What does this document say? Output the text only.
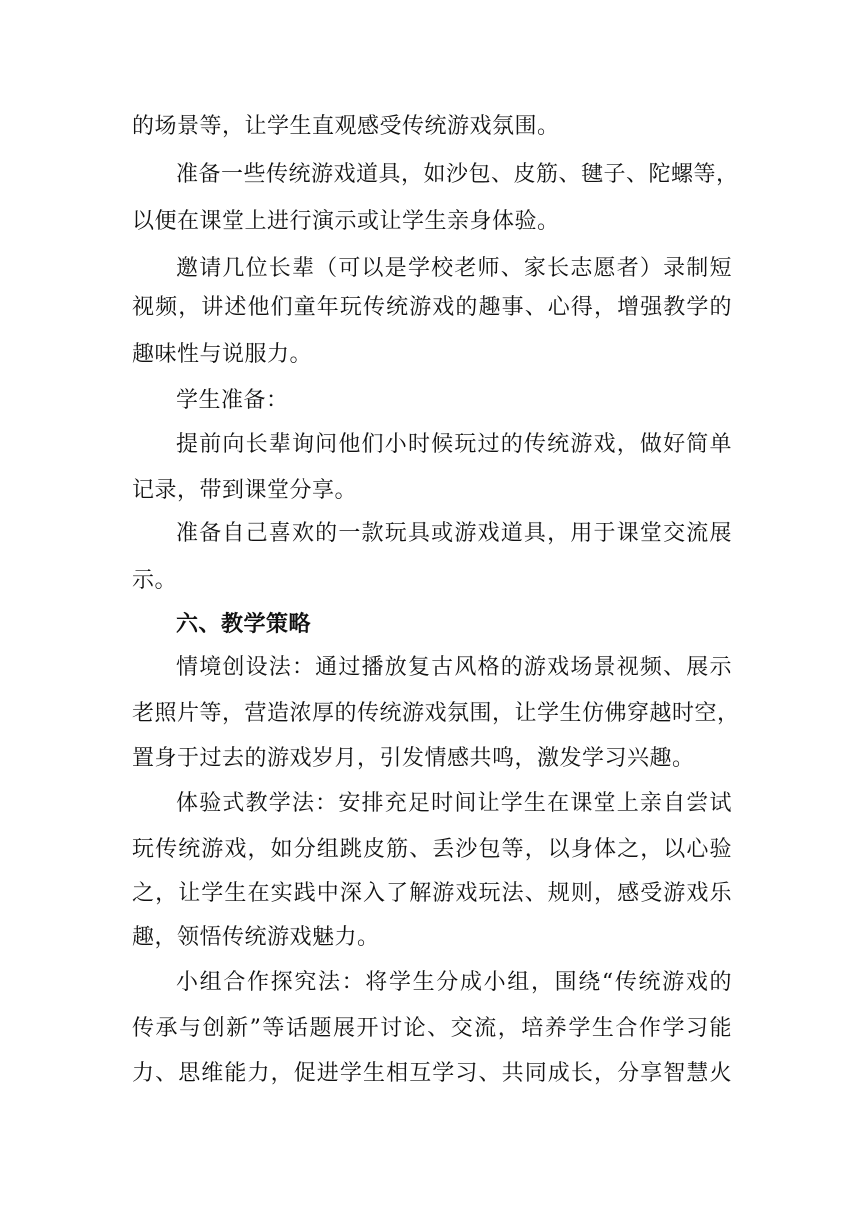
的场景等，让学生直观感受传统游戏氛围。
准备一些传统游戏道具，如沙包、皮筋、毽子、陀螺等，
以便在课堂上进行演示或让学生亲身体验。
邀请几位长辈（可以是学校老师、家长志愿者）录制短
视频，讲述他们童年玩传统游戏的趣事、心得，增强教学的
趣味性与说服力。
学生准备：
提前向长辈询问他们小时候玩过的传统游戏，做好简单
记录，带到课堂分享。
准备自己喜欢的一款玩具或游戏道具，用于课堂交流展
示。
六、教学策略
情境创设法：通过播放复古风格的游戏场景视频、展示
老照片等，营造浓厚的传统游戏氛围，让学生仿佛穿越时空，
置身于过去的游戏岁月，引发情感共鸣，激发学习兴趣。
体验式教学法：安排充足时间让学生在课堂上亲自尝试
玩传统游戏，如分组跳皮筋、丢沙包等，以身体之，以心验
之，让学生在实践中深入了解游戏玩法、规则，感受游戏乐
趣，领悟传统游戏魅力。
小组合作探究法：将学生分成小组，围绕“传统游戏的
传承与创新”等话题展开讨论、交流，培养学生合作学习能
力、思维能力，促进学生相互学习、共同成长，分享智慧火
